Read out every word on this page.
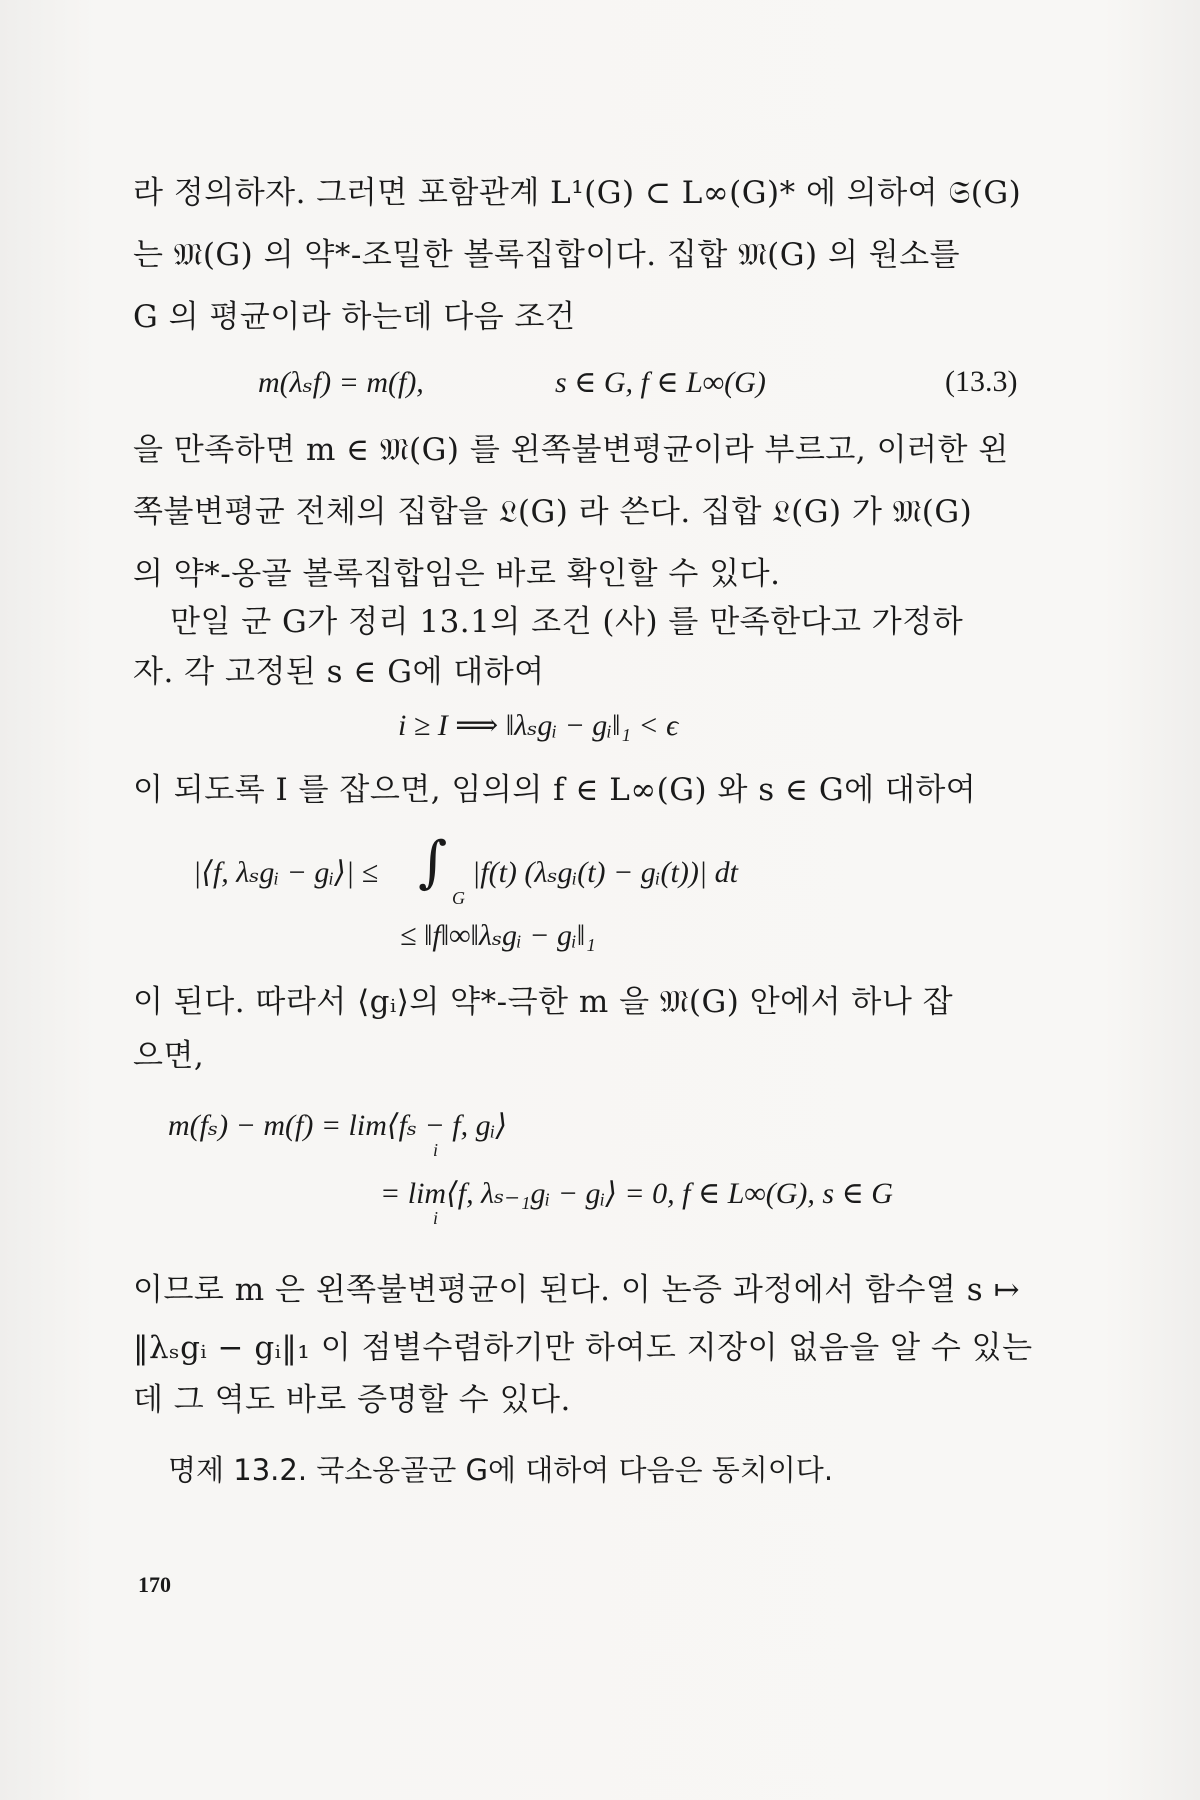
라 정의하자. 그러면 포함관계 L¹(G) ⊂ L∞(G)* 에 의하여 𝔖(G)
는 𝔐(G) 의 약*-조밀한 볼록집합이다. 집합 𝔐(G) 의 원소를
G 의 평균이라 하는데 다음 조건
m(λₛf) = m(f),	s ∈ G, f ∈ L∞(G)	(13.3)
을 만족하면 m ∈ 𝔐(G) 를 왼쪽불변평균이라 부르고, 이러한 왼
쪽불변평균 전체의 집합을 𝔏(G) 라 쓴다. 집합 𝔏(G) 가 𝔐(G)
의 약*-옹골 볼록집합임은 바로 확인할 수 있다.
만일 군 G가 정리 13.1의 조건 (사) 를 만족한다고 가정하
자. 각 고정된 s ∈ G에 대하여
i ≥ I ⟹ ‖λₛgᵢ − gᵢ‖₁ < ϵ
이 되도록 I 를 잡으면, 임의의 f ∈ L∞(G) 와 s ∈ G에 대하여
|⟨f, λₛgᵢ − gᵢ⟩| ≤ ∫
G
|f(t) (λₛgᵢ(t) − gᵢ(t))| dt
≤ ‖f‖∞‖λₛgᵢ − gᵢ‖₁
이 된다. 따라서 ⟨gᵢ⟩의 약*-극한 m 을 𝔐(G) 안에서 하나 잡
으면,
m(fₛ) − m(f) = lim⟨fₛ − f, gᵢ⟩
i
= lim⟨f, λₛ₋₁gᵢ − gᵢ⟩ = 0, f ∈ L∞(G), s ∈ G
i
이므로 m 은 왼쪽불변평균이 된다. 이 논증 과정에서 함수열 s ↦
‖λₛgᵢ − gᵢ‖₁ 이 점별수렴하기만 하여도 지장이 없음을 알 수 있는
데 그 역도 바로 증명할 수 있다.
명제 13.2. 국소옹골군 G에 대하여 다음은 동치이다.
170
